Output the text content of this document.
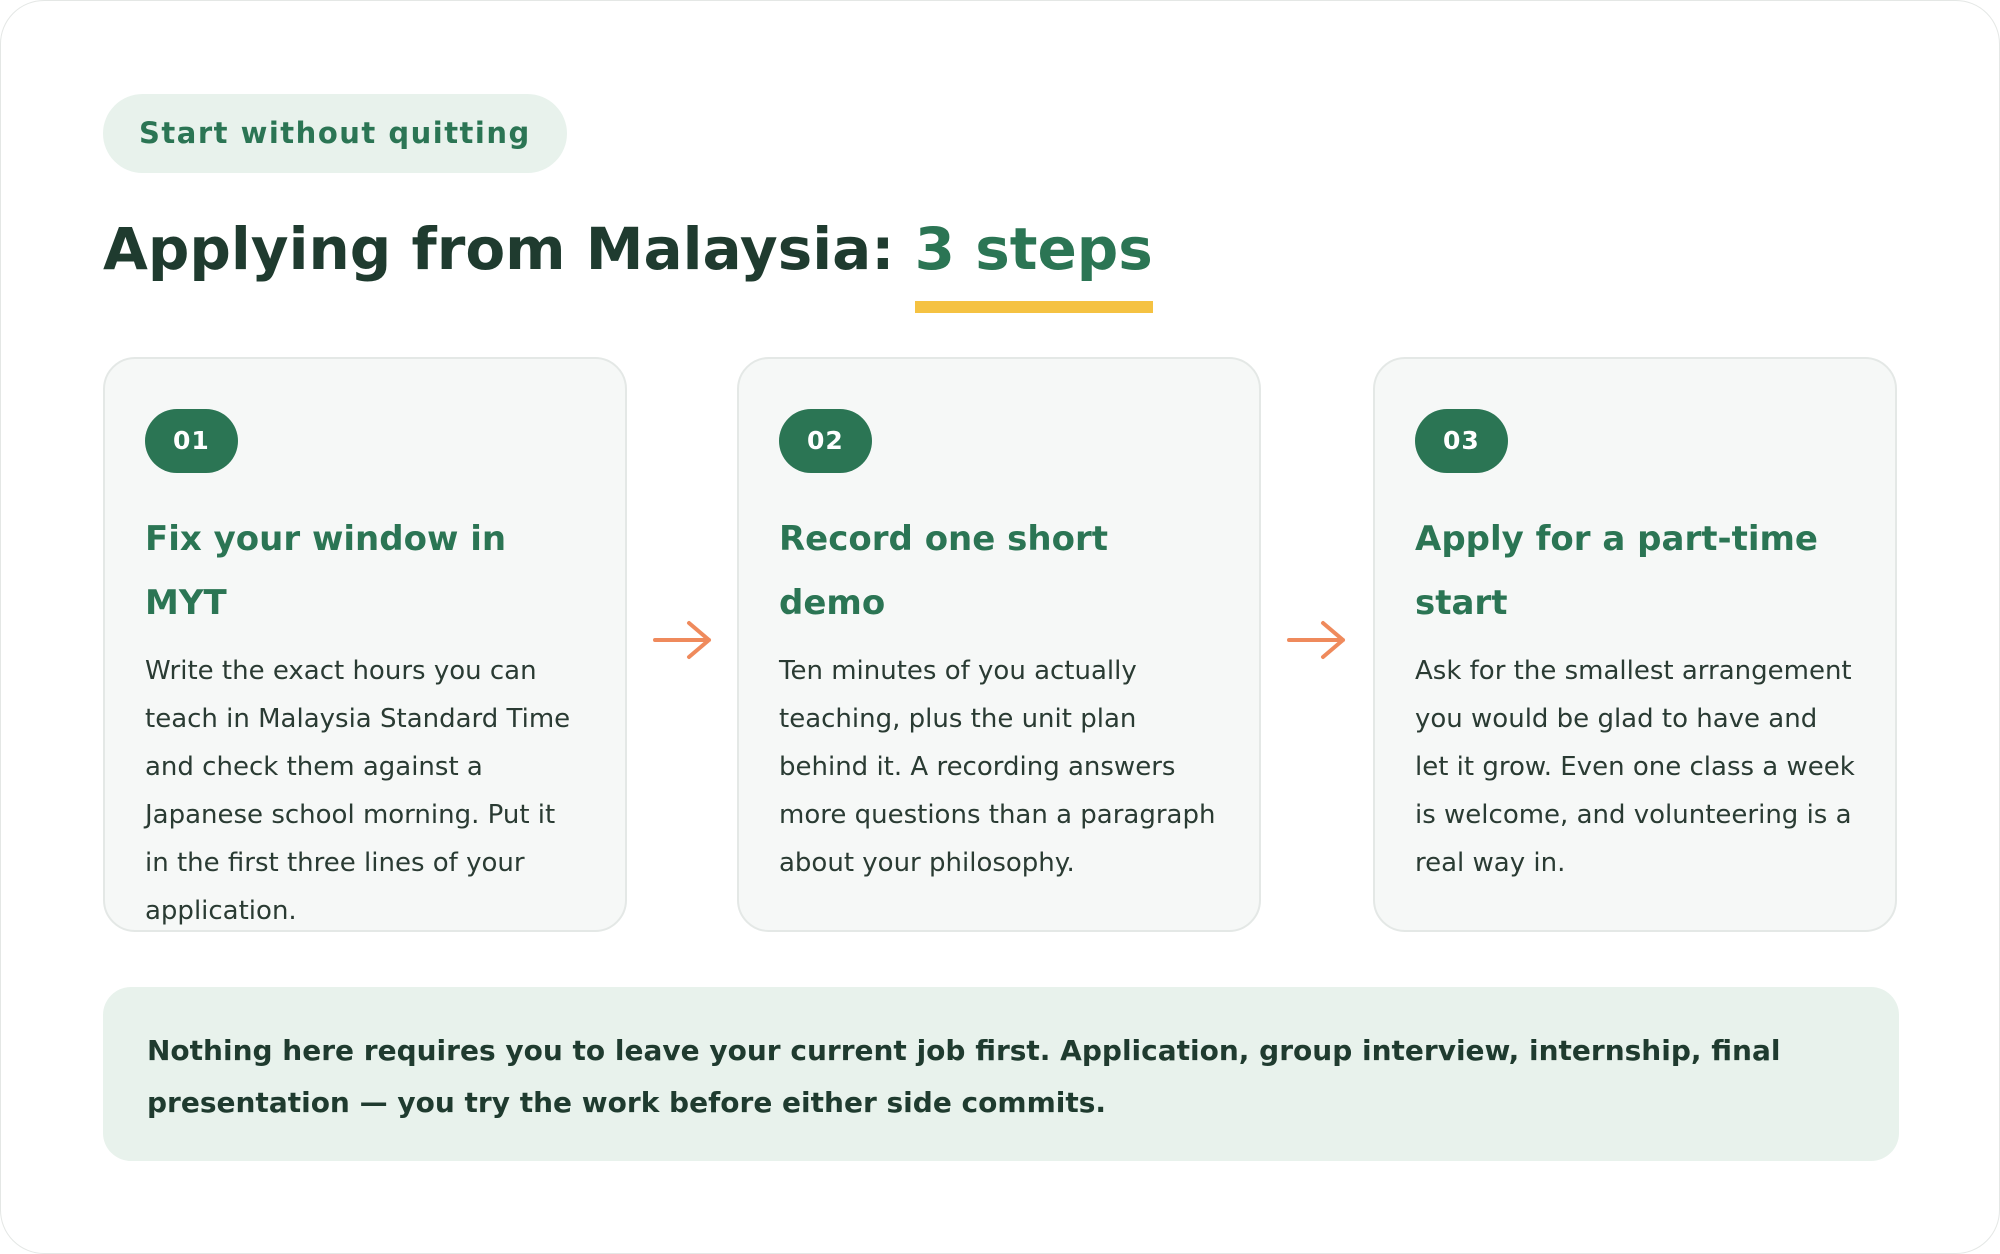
Start without quitting
Applying from Malaysia: 3 steps
01
Fix your window in MYT

Write the exact hours you can teach in Malaysia Standard Time and check them against a Japanese school morning. Put it in the first three lines of your application.

02
Record one short demo

Ten minutes of you actually teaching, plus the unit plan behind it. A recording answers more questions than a paragraph about your philosophy.

03
Apply for a part-time start

Ask for the smallest arrangement you would be glad to have and let it grow. Even one class a week is welcome, and volunteering is a real way in.

Nothing here requires you to leave your current job first. Application, group interview, internship, final presentation — you try the work before either side commits.
